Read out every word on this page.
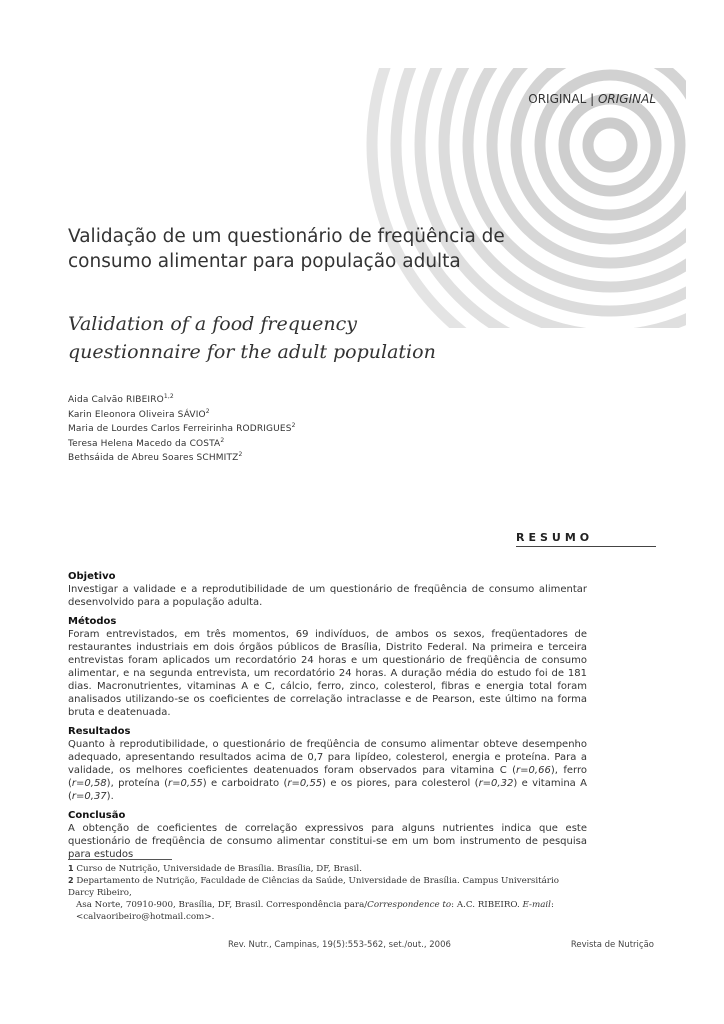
ORIGINAL | ORIGINAL
Validação de um questionário de freqüência de consumo alimentar para população adulta
Validation of a food frequency questionnaire for the adult population
Aida Calvão RIBEIRO$^{1,2}$
Karin Eleonora Oliveira SÁVIO$^2$
Maria de Lourdes Carlos Ferreirinha RODRIGUES$^2$
Teresa Helena Macedo da COSTA$^2$
Bethsáida de Abreu Soares SCHMITZ$^2$
RESUMO
Objetivo

Investigar a validade e a reprodutibilidade de um questionário de freqüência de consumo alimentar desenvolvido para a população adulta.

Métodos

Foram entrevistados, em três momentos, 69 indivíduos, de ambos os sexos, freqüentadores de restaurantes industriais em dois órgãos públicos de Brasília, Distrito Federal. Na primeira e terceira entrevistas foram aplicados um recordatório 24 horas e um questionário de freqüência de consumo alimentar, e na segunda entrevista, um recordatório 24 horas. A duração média do estudo foi de 181 dias. Macronutrientes, vitaminas A e C, cálcio, ferro, zinco, colesterol, fibras e energia total foram analisados utilizando-se os coeficientes de correlação intraclasse e de Pearson, este último na forma bruta e deatenuada.

Resultados

Quanto à reprodutibilidade, o questionário de freqüência de consumo alimentar obteve desempenho adequado, apresentando resultados acima de 0,7 para lipídeo, colesterol, energia e proteína. Para a validade, os melhores coeficientes deatenuados foram observados para vitamina C (r=0,66), ferro (r=0,58), proteína (r=0,55) e carboidrato (r=0,55) e os piores, para colesterol (r=0,32) e vitamina A (r=0,37).

Conclusão

A obtenção de coeficientes de correlação expressivos para alguns nutrientes indica que este questionário de freqüência de consumo alimentar constitui-se em um bom instrumento de pesquisa para estudos

1 Curso de Nutrição, Universidade de Brasília. Brasília, DF, Brasil.
2 Departamento de Nutrição, Faculdade de Ciências da Saúde, Universidade de Brasília. Campus Universitário Darcy Ribeiro,
Asa Norte, 70910-900, Brasília, DF, Brasil. Correspondência para/Correspondence to: A.C. RIBEIRO. E-mail:
<calvaoribeiro@hotmail.com>.
Rev. Nutr., Campinas, 19(5):553-562, set./out., 2006	Revista de Nutrição
